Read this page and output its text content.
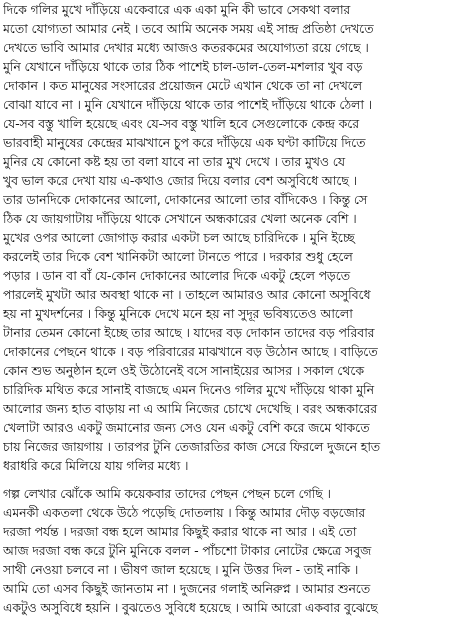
দিকে গলির মুখে দাঁড়িয়ে একেবারে এক একা মুনি কী ভাবে সেকথা বলার
মতো যোগ্যতা আমার নেই । তবে আমি অনেক সময় এই সান্দ্র প্রতিষ্ঠা দেখতে
দেখতে ভাবি আমার দেখার মধ্যে আজও কতরকমের অযোগ্যতা রয়ে গেছে ।
মুনি যেখানে দাঁড়িয়ে থাকে তার ঠিক পাশেই চাল-ডাল-তেল-মশলার খুব বড়
দোকান । কত মানুষের সংসারের প্রয়োজন মেটে এখান থেকে তা না দেখলে
বোঝা যাবে না । মুনি যেখানে দাঁড়িয়ে থাকে তার পাশেই দাঁড়িয়ে থাকে ঠেলা ।
যে-সব বস্তু খালি হয়েছে এবং যে-সব বস্তু খালি হবে সেগুলোকে কেন্দ্র করে
ভারবাহী মানুষের কেন্দ্রের মাঝখানে চুপ করে দাঁড়িয়ে এক ঘণ্টা কাটিয়ে দিতে
মুনির যে কোনো কষ্ট হয় তা বলা যাবে না তার মুখ দেখে । তার মুখও যে
খুব ভাল করে দেখা যায় এ-কথাও জোর দিয়ে বলার বেশ অসুবিধে আছে ।
তার ডানদিকে দোকানের আলো, দোকানের আলো তার বাঁদিকেও । কিন্তু সে
ঠিক যে জায়গাটায় দাঁড়িয়ে থাকে সেখানে অন্ধকারের খেলা অনেক বেশি ।
মুখের ওপর আলো জোগাড় করার একটা চল আছে চারিদিকে । মুনি ইচ্ছে
করলেই তার দিকে বেশ খানিকটা আলো টানতে পারে । দরকার শুধু হেলে
পড়ার । ডান বা বাঁ যে-কোন দোকানের আলোর দিকে একটু হেলে পড়তে
পারলেই মুখটা আর অবস্থা থাকে না । তাহলে আমারও আর কোনো অসুবিধে
হয় না মুখদর্শনের । কিন্তু মুনিকে দেখে মনে হয় না সুদূর ভবিষ্যতেও আলো
টানার তেমন কোনো ইচ্ছে তার আছে । যাদের বড় দোকান তাদের বড় পরিবার
দোকানের পেছনে থাকে । বড় পরিবারের মাঝখানে বড় উঠোন আছে । বাড়িতে
কোন শুভ অনুষ্ঠান হলে ওই উঠোনেই বসে সানাইয়ের আসর । সকাল থেকে
চারিদিক মথিত করে সানাই বাজছে এমন দিনেও গলির মুখে দাঁড়িয়ে থাকা মুনি
আলোর জন্য হাত বাড়ায় না এ আমি নিজের চোখে দেখেছি । বরং অন্ধকারের
খেলাটা আরও একটু জমানোর জন্য সেও যেন একটু বেশি করে জমে থাকতে
চায় নিজের জায়গায় । তারপর টুনি তেজারতির কাজ সেরে ফিরলে দুজনে হাত
ধরাধরি করে মিলিয়ে যায় গলির মধ্যে ।
গল্প লেখার ঝোঁকে আমি কয়েকবার তাদের পেছন পেছন চলে গেছি ।
এমনকী একতলা থেকে উঠে পড়েছি দোতলায় । কিন্তু আমার দৌড় বড়জোর
দরজা পর্যন্ত । দরজা বন্ধ হলে আমার কিছুই করার থাকে না আর । এই তো
আজ দরজা বন্ধ করে টুনি মুনিকে বলল - পাঁচশো টাকার নোটের ক্ষেত্রে সবুজ
সাথী নেওয়া চলবে না । ভীষণ জাল হয়েছে । মুনি উত্তর দিল - তাই নাকি ।
আমি তো এসব কিছুই জানতাম না । দুজনের গলাই অনিরুপ্ন । আমার শুনতে
একটুও অসুবিধে হয়নি । বুঝতেও সুবিধে হয়েছে । আমি আরো একবার বুঝেছে
